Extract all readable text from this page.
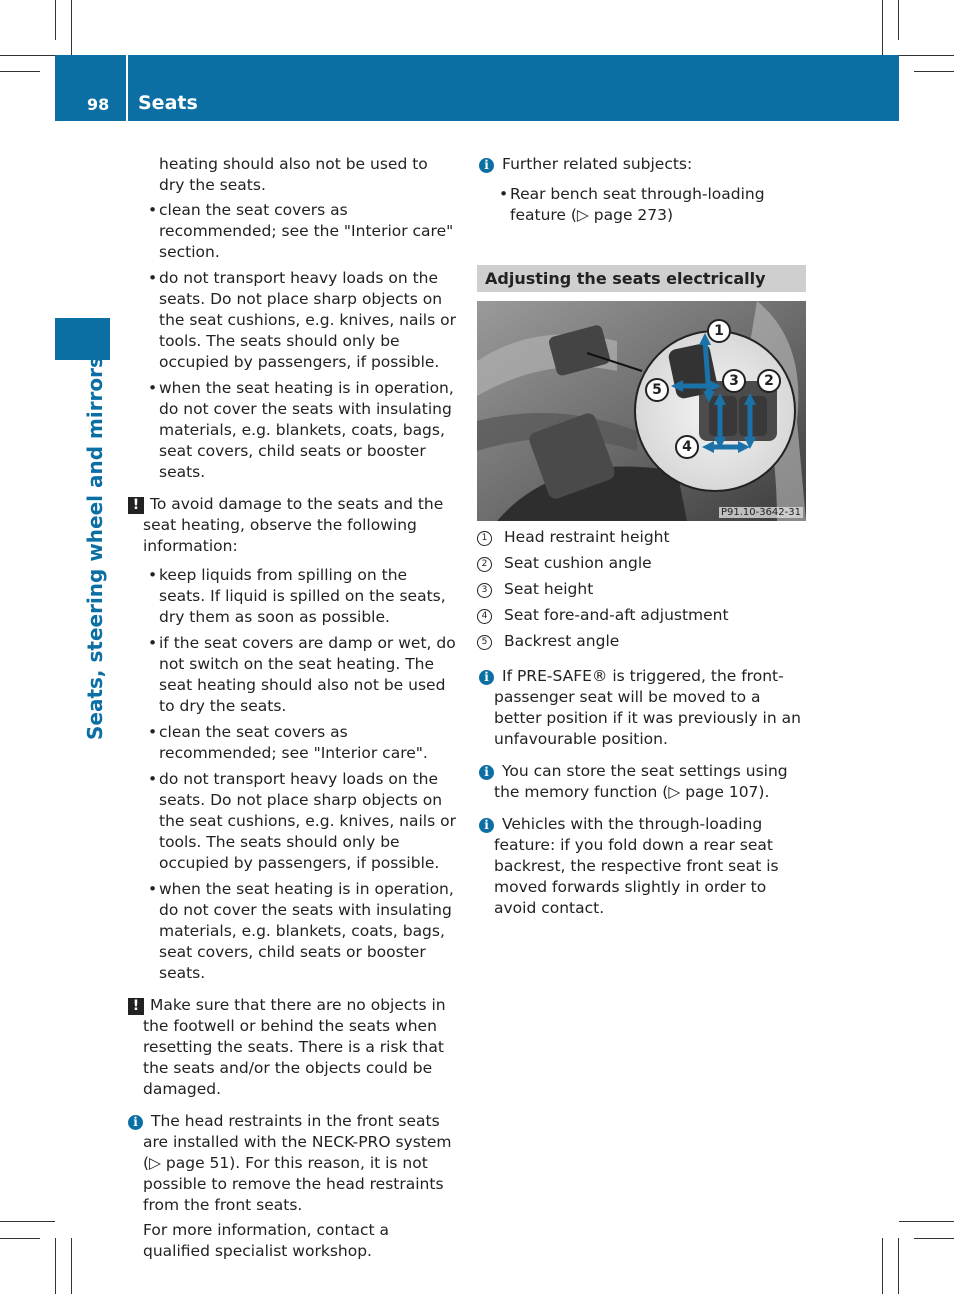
98 Seats
Seats, steering wheel and mirrors

heating should also not be used to dry the seats.

• clean the seat covers as recommended; see the "Interior care" section.

• do not transport heavy loads on the seats. Do not place sharp objects on the seat cushions, e.g. knives, nails or tools. The seats should only be occupied by passengers, if possible.

• when the seat heating is in operation, do not cover the seats with insulating materials, e.g. blankets, coats, bags, seat covers, child seats or booster seats.

! To avoid damage to the seats and the seat heating, observe the following information:

• keep liquids from spilling on the seats. If liquid is spilled on the seats, dry them as soon as possible.

• if the seat covers are damp or wet, do not switch on the seat heating. The seat heating should also not be used to dry the seats.

• clean the seat covers as recommended; see "Interior care".

• do not transport heavy loads on the seats. Do not place sharp objects on the seat cushions, e.g. knives, nails or tools. The seats should only be occupied by passengers, if possible.

• when the seat heating is in operation, do not cover the seats with insulating materials, e.g. blankets, coats, bags, seat covers, child seats or booster seats.

! Make sure that there are no objects in the footwell or behind the seats when resetting the seats. There is a risk that the seats and/or the objects could be damaged.

i The head restraints in the front seats are installed with the NECK-PRO system (▷ page 51). For this reason, it is not possible to remove the head restraints from the front seats.

For more information, contact a qualified specialist workshop.

i Further related subjects:

• Rear bench seat through-loading feature (▷ page 273)

Adjusting the seats electrically
1
2
3
4
5
P91.10-3642-31
1 Head restraint height
2 Seat cushion angle
3 Seat height
4 Seat fore-and-aft adjustment
5 Backrest angle

i If PRE-SAFE® is triggered, the front-passenger seat will be moved to a better position if it was previously in an unfavourable position.

i You can store the seat settings using the memory function (▷ page 107).

i Vehicles with the through-loading feature: if you fold down a rear seat backrest, the respective front seat is moved forwards slightly in order to avoid contact.
